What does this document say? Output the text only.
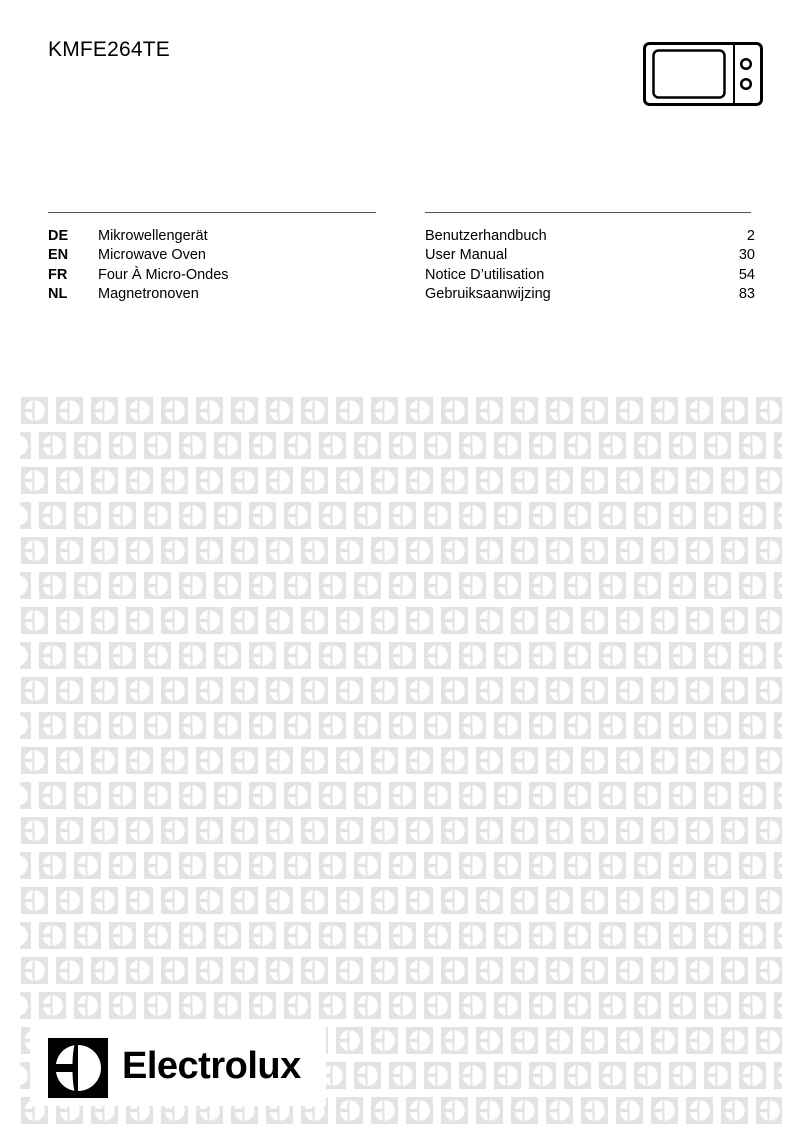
KMFE264TE
DE	Mikrowellengerät
EN	Microwave Oven
FR	Four À Micro-Ondes
NL	Magnetronoven
Benutzerhandbuch	2
User Manual	30
Notice D’utilisation	54
Gebruiksaanwijzing	83
Electrolux
